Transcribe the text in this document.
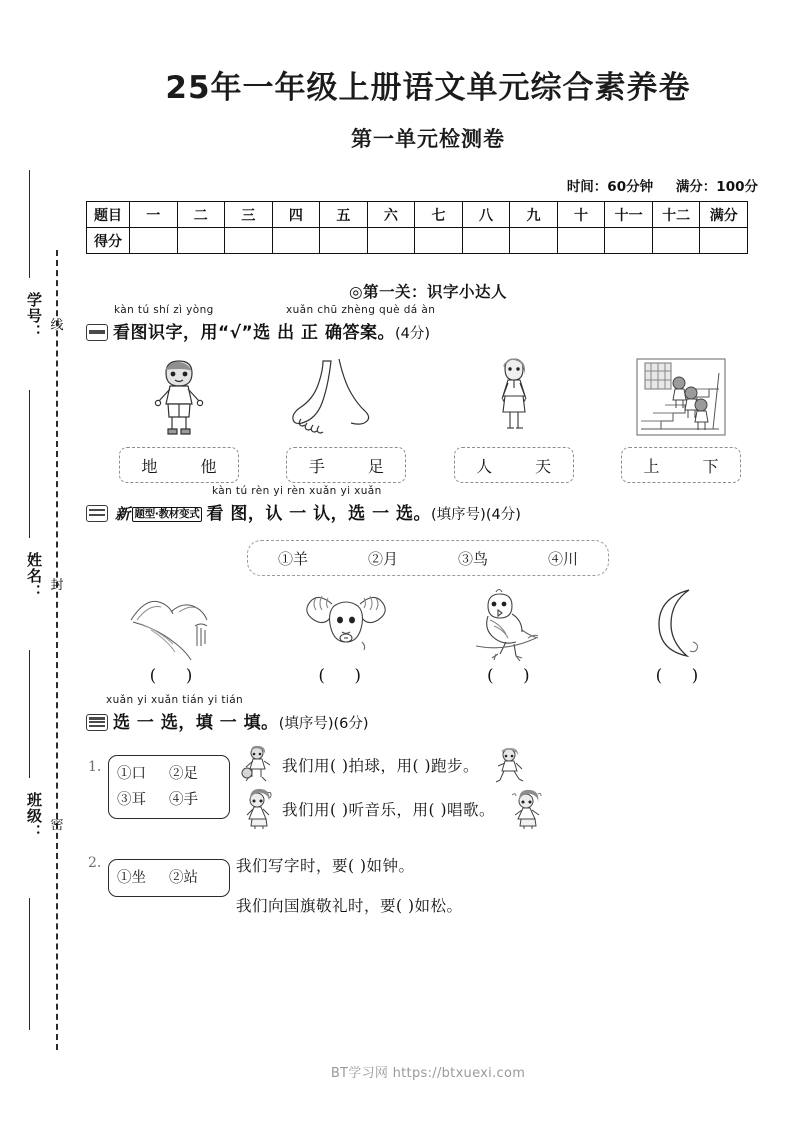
学号：
姓名：
班级：
线
封
密
25年一年级上册语文单元综合素养卷
第一单元检测卷
时间：60分钟 满分：100分
题目	一	二	三	四	五	六	七	八	九	十	十一	十二	满分
得分													
◎第一关：识字小达人
kàn tú shí zì yòng	xuǎn chū zhèng què dá àn
看图识字，用“√”选 出 正 确答案。(4分)
地	他	手	足	人	天	上	下
kàn tú rèn yi rèn xuǎn yi xuǎn
新 题型·教材变式 看 图，认 一 认，选 一 选。(填序号)(4分)
①羊	②月	③鸟	④川
( )	( )	( )	( )
xuǎn yi xuǎn tián yi tián
选 一 选，填 一 填。(填序号)(6分)
1.	①口 ②足
③耳 ④手
我们用( )拍球，用( )跑步。
我们用( )听音乐，用( )唱歌。
2.
①坐 ②站
我们写字时，要( )如钟。
我们向国旗敬礼时，要( )如松。
BT学习网 https://btxuexi.com
